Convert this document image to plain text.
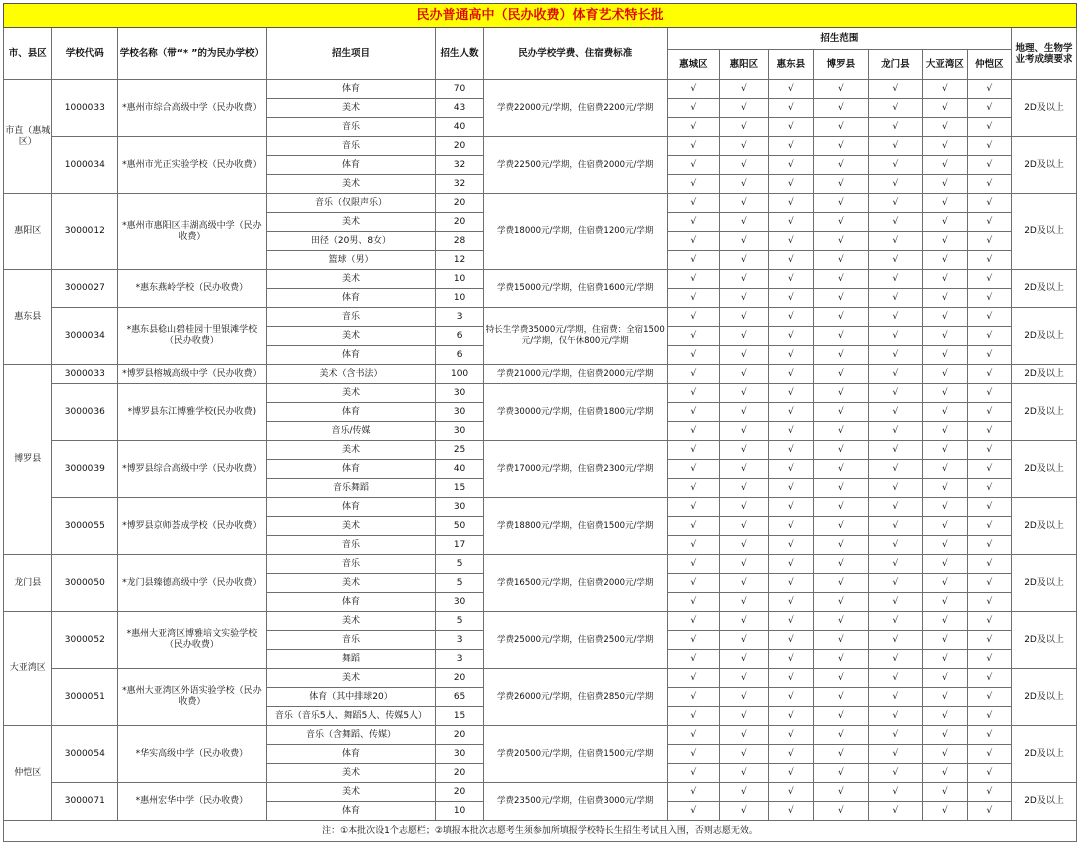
民办普通高中（民办收费）体育艺术特长批													
市、县区	学校代码	学校名称（带“* ”的为民办学校）	招生项目	招生人数	民办学校学费、住宿费标准	招生范围							地理、生物学业考成绩要求
						惠城区	惠阳区	惠东县	博罗县	龙门县	大亚湾区	仲恺区	
市直（惠城区）	1000033	*惠州市综合高级中学（民办收费）	体育	70	学费22000元/学期，住宿费2200元/学期	√	√	√	√	√	√	√	2D及以上
			美术	43		√	√	√	√	√	√	√	
			音乐	40		√	√	√	√	√	√	√	
	1000034	*惠州市光正实验学校（民办收费）	音乐	20	学费22500元/学期，住宿费2000元/学期	√	√	√	√	√	√	√	2D及以上
			体育	32		√	√	√	√	√	√	√	
			美术	32		√	√	√	√	√	√	√	
惠阳区	3000012	*惠州市惠阳区丰湖高级中学（民办收费）	音乐（仅限声乐）	20	学费18000元/学期，住宿费1200元/学期	√	√	√	√	√	√	√	2D及以上
			美术	20		√	√	√	√	√	√	√	
			田径（20男、8女）	28		√	√	√	√	√	√	√	
			篮球（男）	12		√	√	√	√	√	√	√	
惠东县	3000027	*惠东燕岭学校（民办收费）	美术	10	学费15000元/学期，住宿费1600元/学期	√	√	√	√	√	√	√	2D及以上
			体育	10		√	√	√	√	√	√	√	
	3000034	*惠东县稔山碧桂园十里银滩学校（民办收费）	音乐	3	特长生学费35000元/学期，住宿费：全宿1500元/学期，仅午休800元/学期	√	√	√	√	√	√	√	2D及以上
			美术	6		√	√	√	√	√	√	√	
			体育	6		√	√	√	√	√	√	√	
博罗县	3000033	*博罗县榕城高级中学（民办收费）	美术（含书法）	100	学费21000元/学期，住宿费2000元/学期	√	√	√	√	√	√	√	2D及以上
	3000036	*博罗县东江博雅学校(民办收费)	美术	30	学费30000元/学期，住宿费1800元/学期	√	√	√	√	√	√	√	2D及以上
			体育	30		√	√	√	√	√	√	√	
			音乐/传媒	30		√	√	√	√	√	√	√	
	3000039	*博罗县综合高级中学（民办收费）	美术	25	学费17000元/学期，住宿费2300元/学期	√	√	√	√	√	√	√	2D及以上
			体育	40		√	√	√	√	√	√	√	
			音乐舞蹈	15		√	√	√	√	√	√	√	
	3000055	*博罗县京师荟成学校（民办收费）	体育	30	学费18800元/学期，住宿费1500元/学期	√	√	√	√	√	√	√	2D及以上
			美术	50		√	√	√	√	√	√	√	
			音乐	17		√	√	√	√	√	√	√	
龙门县	3000050	*龙门县臻德高级中学（民办收费）	音乐	5	学费16500元/学期，住宿费2000元/学期	√	√	√	√	√	√	√	2D及以上
			美术	5		√	√	√	√	√	√	√	
			体育	30		√	√	√	√	√	√	√	
大亚湾区	3000052	*惠州大亚湾区博雅培文实验学校（民办收费）	美术	5	学费25000元/学期，住宿费2500元/学期	√	√	√	√	√	√	√	2D及以上
			音乐	3		√	√	√	√	√	√	√	
			舞蹈	3		√	√	√	√	√	√	√	
	3000051	*惠州大亚湾区外语实验学校（民办收费）	美术	20	学费26000元/学期，住宿费2850元/学期	√	√	√	√	√	√	√	2D及以上
			体育（其中排球20）	65		√	√	√	√	√	√	√	
			音乐（音乐5人、舞蹈5人、传媒5人）	15		√	√	√	√	√	√	√	
仲恺区	3000054	*华实高级中学（民办收费）	音乐（含舞蹈、传媒）	20	学费20500元/学期，住宿费1500元/学期	√	√	√	√	√	√	√	2D及以上
			体育	30		√	√	√	√	√	√	√	
			美术	20		√	√	√	√	√	√	√	
	3000071	*惠州宏华中学（民办收费）	美术	20	学费23500元/学期，住宿费3000元/学期	√	√	√	√	√	√	√	2D及以上
			体育	10		√	√	√	√	√	√	√	
注：①本批次设1个志愿栏；②填报本批次志愿考生须参加所填报学校特长生招生考试且入围，否则志愿无效。													
